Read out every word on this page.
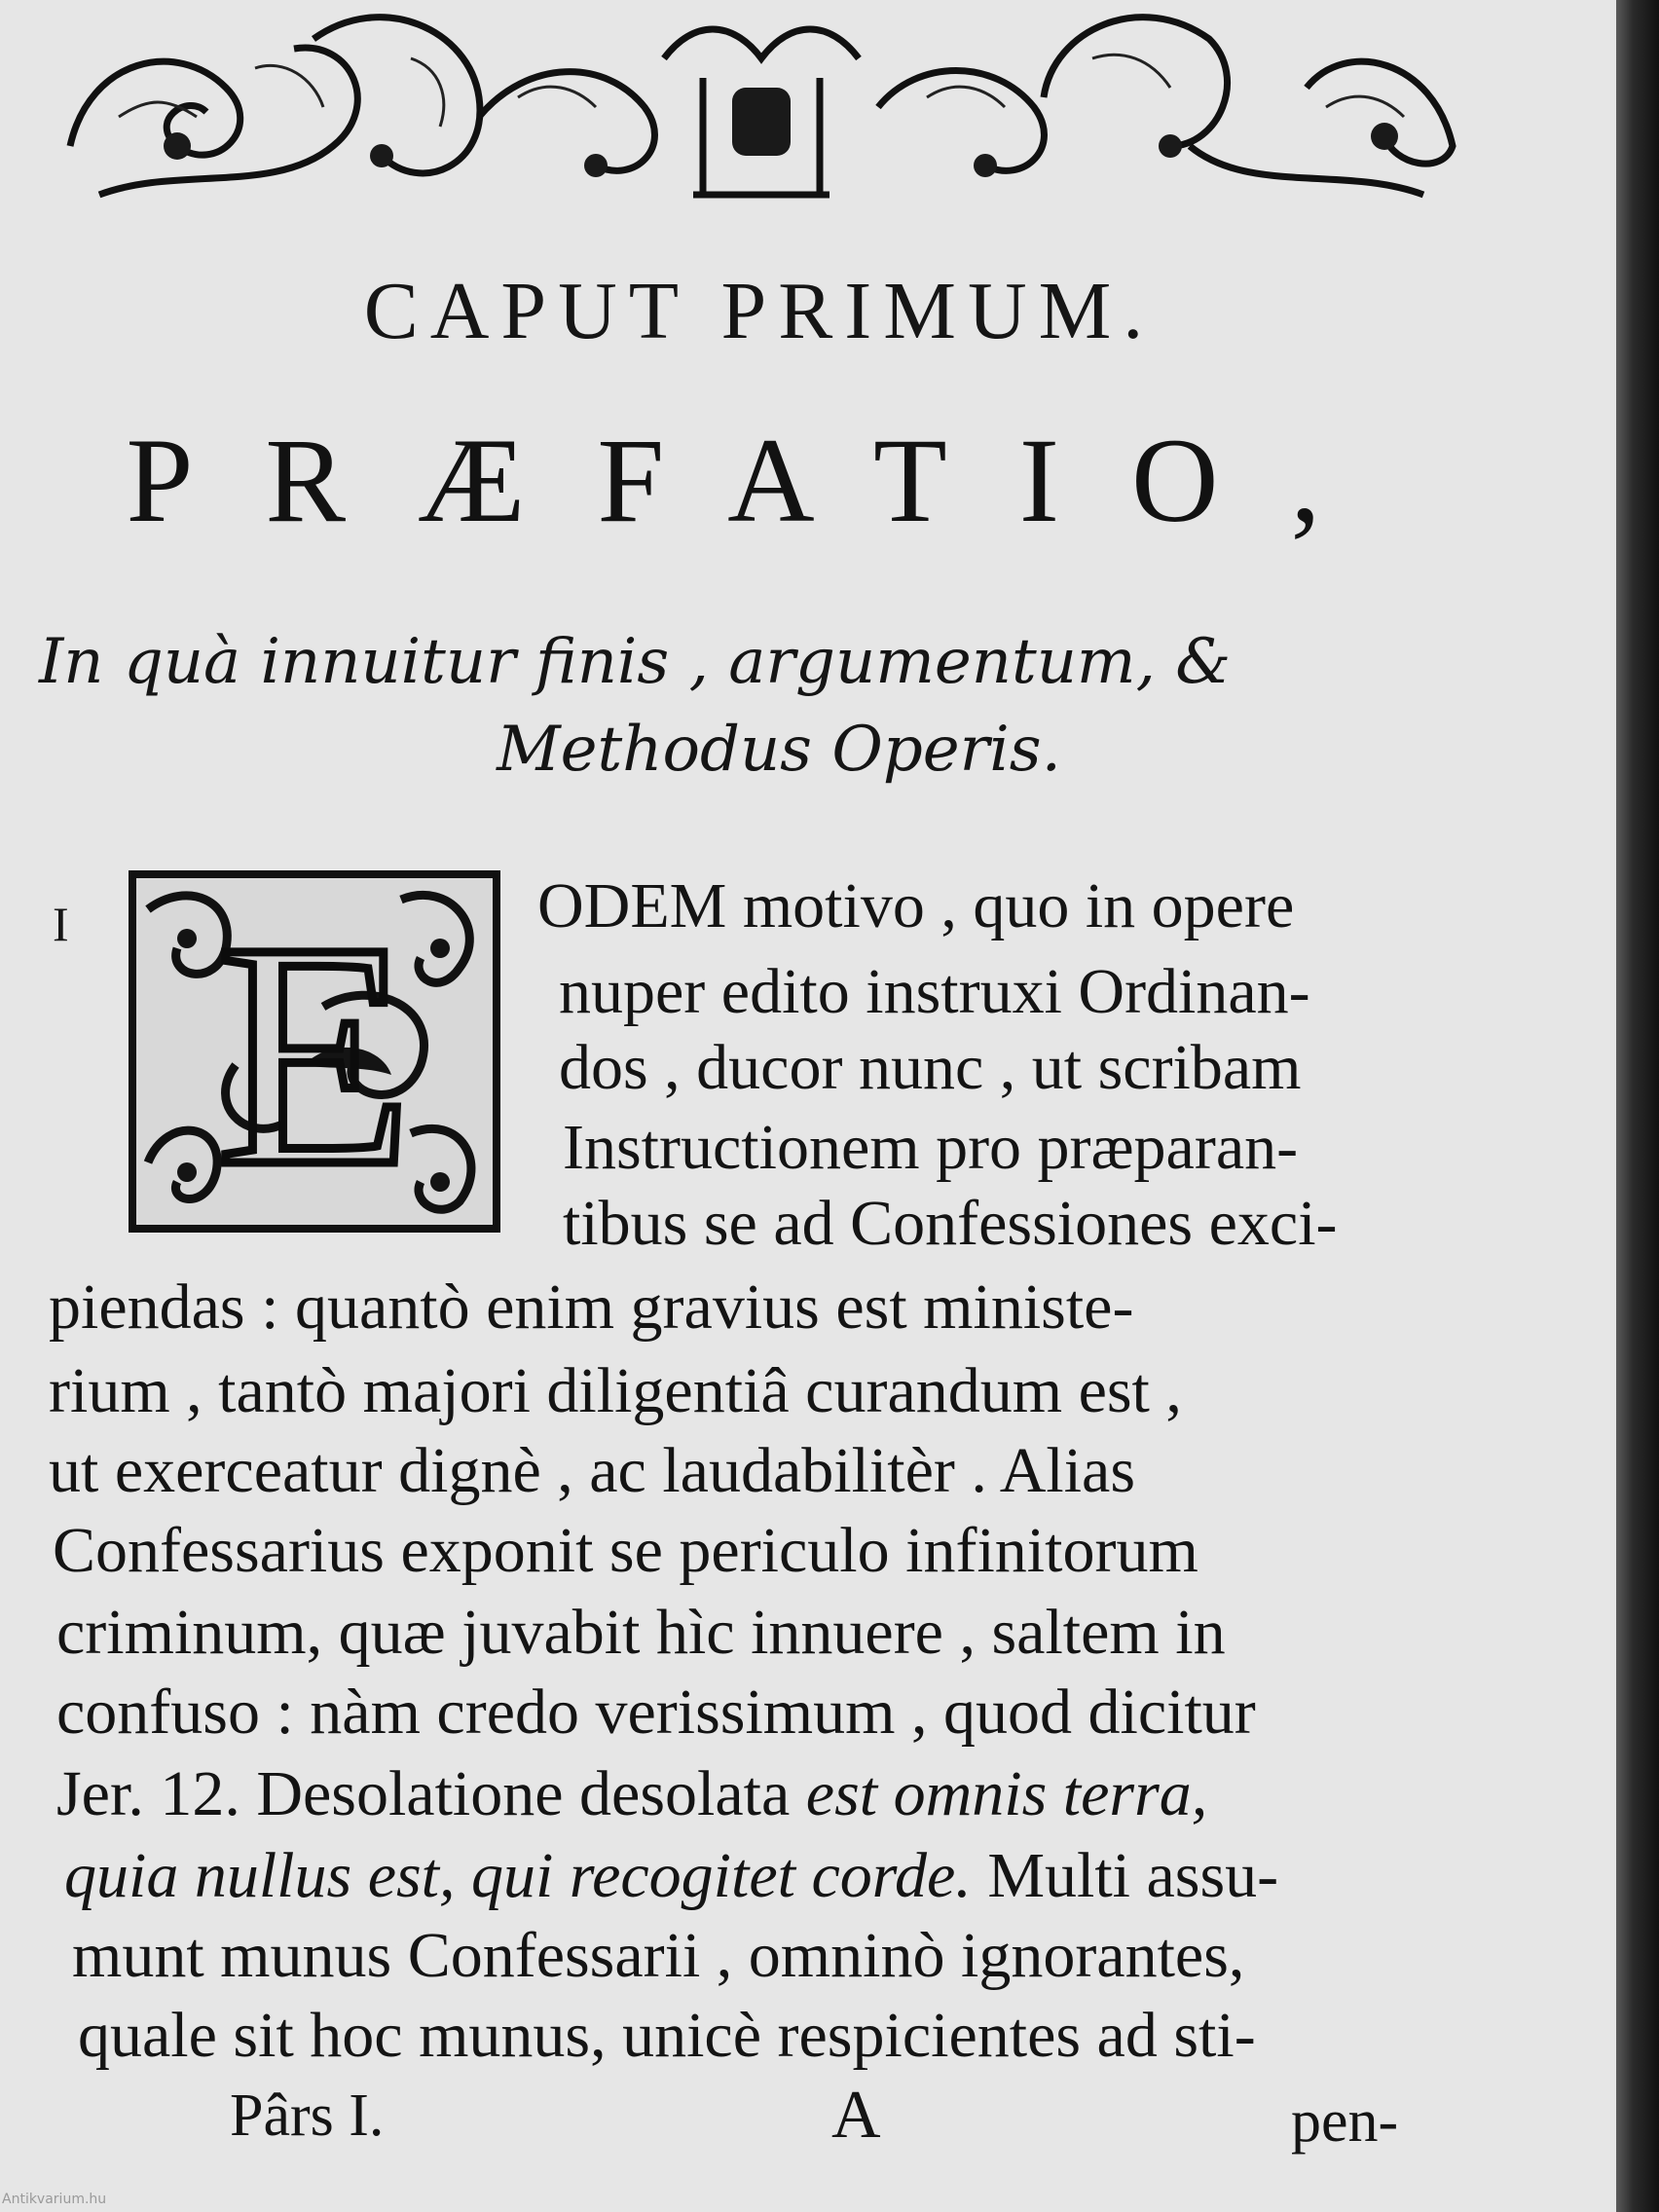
CAPUT PRIMUM.
PRÆFATIO,
In quà innuitur finis , argumentum, &
Methodus Operis.
I E ODEM motivo , quo in opere
nuper edito instruxi Ordinan-
dos , ducor nunc , ut scribam
Instructionem pro præparan-
tibus se ad Confessiones exci-
piendas : quantò enim gravius est ministe-
rium , tantò majori diligentiâ curandum est ,
ut exerceatur dignè , ac laudabilitèr . Alias
Confessarius exponit se periculo infinitorum
criminum, quæ juvabit hìc innuere , saltem in
confuso : nàm credo verissimum , quod dicitur
Jer. 12. Desolatione desolata est omnis terra,
quia nullus est, qui recogitet corde. Multi assu-
munt munus Confessarii , omninò ignorantes,
quale sit hoc munus, unicè respicientes ad sti-
Pârs I.	A	pen-
Antikvarium.hu
